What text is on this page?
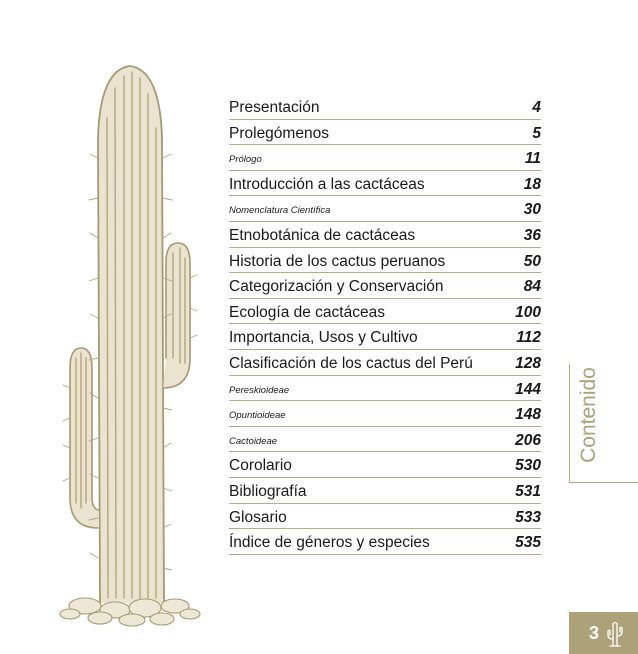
Presentación	4
Prolegómenos	5
Prólogo	11
Introducción a las cactáceas	18
Nomenclatura Científica	30
Etnobotánica de cactáceas	36
Historia de los cactus peruanos	50
Categorización y Conservación	84
Ecología de cactáceas	100
Importancia, Usos y Cultivo	112
Clasificación de los cactus del Perú	128
Pereskioideae	144
Opuntioideae	148
Cactoideae	206
Corolario	530
Bibliografía	531
Glosario	533
Índice de géneros y especies	535
Contenido
3
